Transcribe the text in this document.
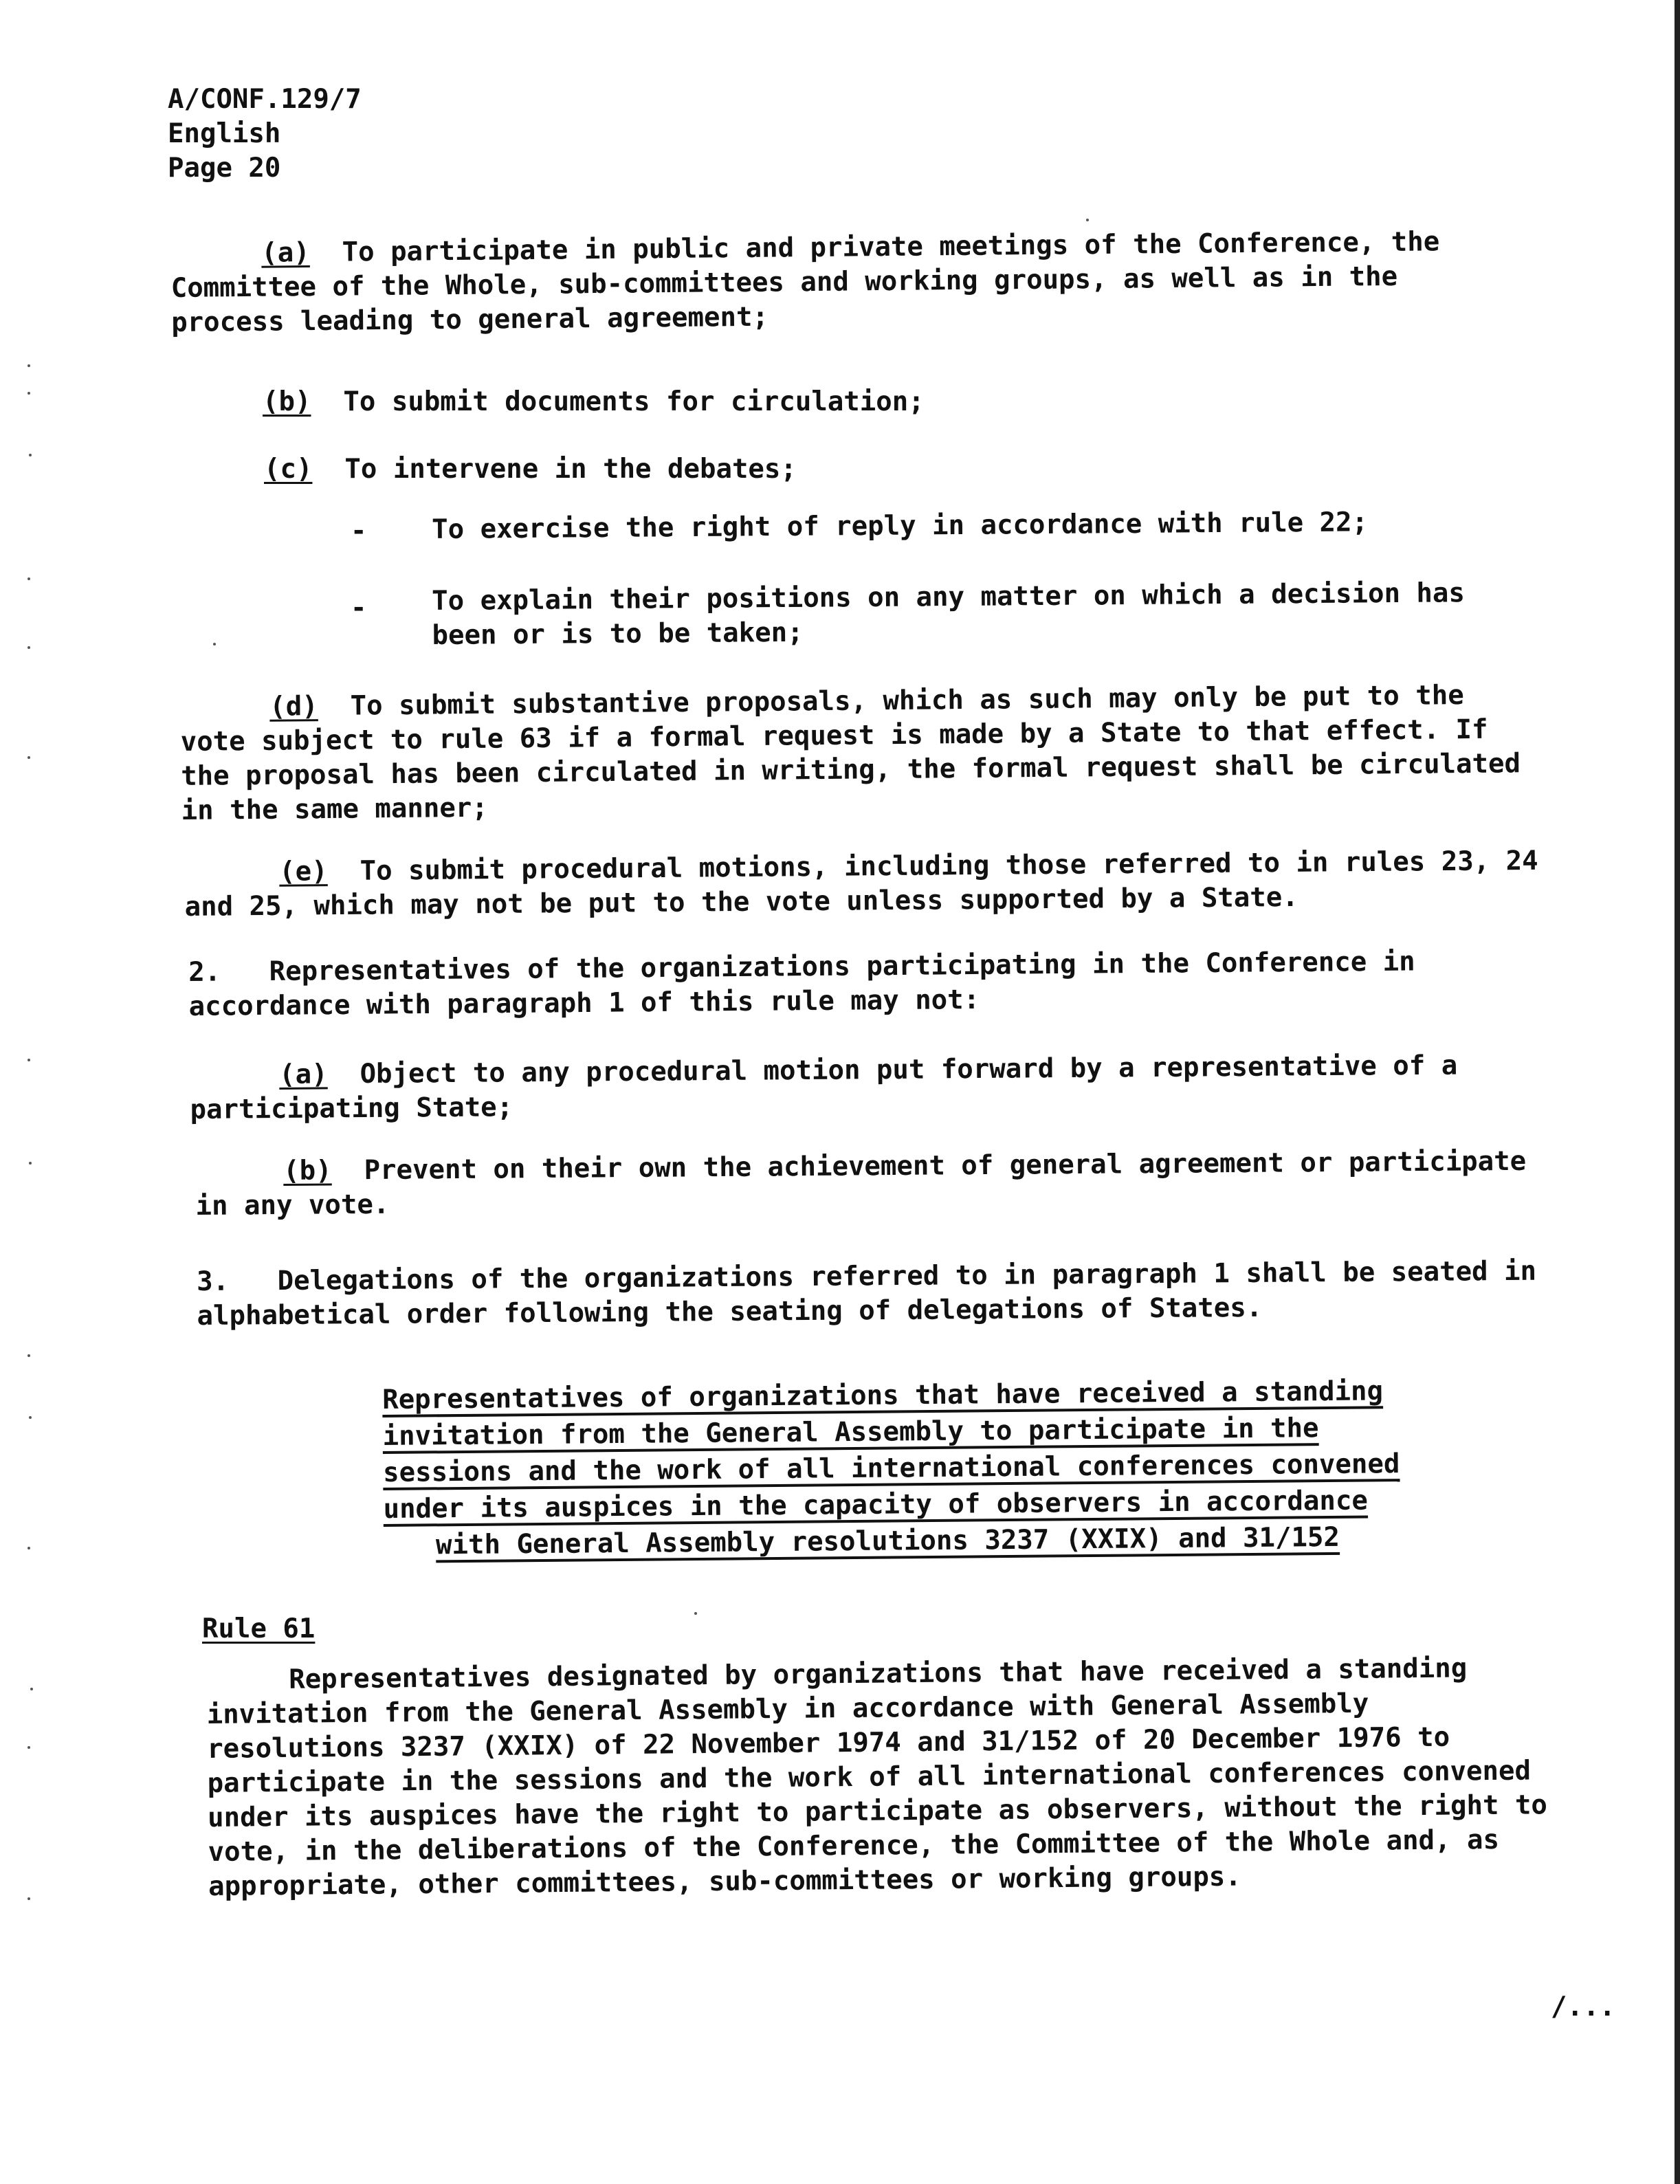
A/CONF.129/7
English
Page 20
(a) To participate in public and private meetings of the Conference, the
Committee of the Whole, sub-committees and working groups, as well as in the
process leading to general agreement;
(b) To submit documents for circulation;
(c) To intervene in the debates;
- To exercise the right of reply in accordance with rule 22;
- To explain their positions on any matter on which a decision has
been or is to be taken;
(d) To submit substantive proposals, which as such may only be put to the
vote subject to rule 63 if a formal request is made by a State to that effect. If
the proposal has been circulated in writing, the formal request shall be circulated
in the same manner;
(e) To submit procedural motions, including those referred to in rules 23, 24
and 25, which may not be put to the vote unless supported by a State.
2. Representatives of the organizations participating in the Conference in
accordance with paragraph 1 of this rule may not:
(a) Object to any procedural motion put forward by a representative of a
participating State;
(b) Prevent on their own the achievement of general agreement or participate
in any vote.
3. Delegations of the organizations referred to in paragraph 1 shall be seated in
alphabetical order following the seating of delegations of States.
Representatives of organizations that have received a standing
invitation from the General Assembly to participate in the
sessions and the work of all international conferences convened
under its auspices in the capacity of observers in accordance
with General Assembly resolutions 3237 (XXIX) and 31/152
Rule 61
Representatives designated by organizations that have received a standing
invitation from the General Assembly in accordance with General Assembly
resolutions 3237 (XXIX) of 22 November 1974 and 31/152 of 20 December 1976 to
participate in the sessions and the work of all international conferences convened
under its auspices have the right to participate as observers, without the right to
vote, in the deliberations of the Conference, the Committee of the Whole and, as
appropriate, other committees, sub-committees or working groups.
/...
